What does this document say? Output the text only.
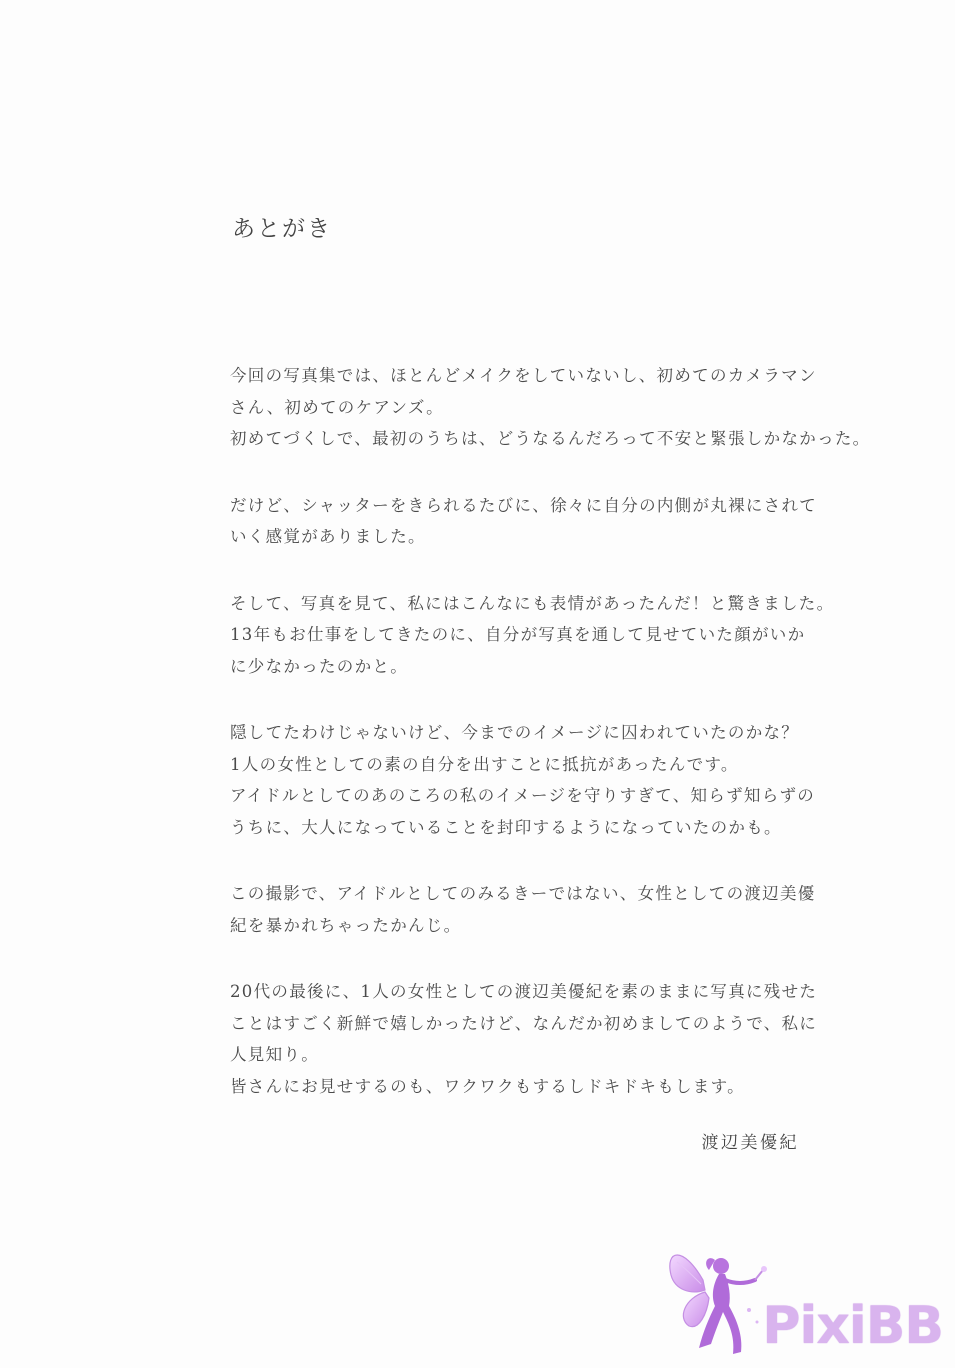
あとがき

今回の写真集では、ほとんどメイクをしていないし、初めてのカメラマン
さん、初めてのケアンズ。
初めてづくしで、最初のうちは、どうなるんだろって不安と緊張しかなかった。

だけど、シャッターをきられるたびに、徐々に自分の内側が丸裸にされて
いく感覚がありました。

そして、写真を見て、私にはこんなにも表情があったんだ！と驚きました。
13年もお仕事をしてきたのに、自分が写真を通して見せていた顔がいか
に少なかったのかと。

隠してたわけじゃないけど、今までのイメージに囚われていたのかな？
1人の女性としての素の自分を出すことに抵抗があったんです。
アイドルとしてのあのころの私のイメージを守りすぎて、知らず知らずの
うちに、大人になっていることを封印するようになっていたのかも。

この撮影で、アイドルとしてのみるきーではない、女性としての渡辺美優
紀を暴かれちゃったかんじ。

20代の最後に、1人の女性としての渡辺美優紀を素のままに写真に残せた
ことはすごく新鮮で嬉しかったけど、なんだか初めましてのようで、私に
人見知り。
皆さんにお見せするのも、ワクワクもするしドキドキもします。

渡辺美優紀
PixiBB
